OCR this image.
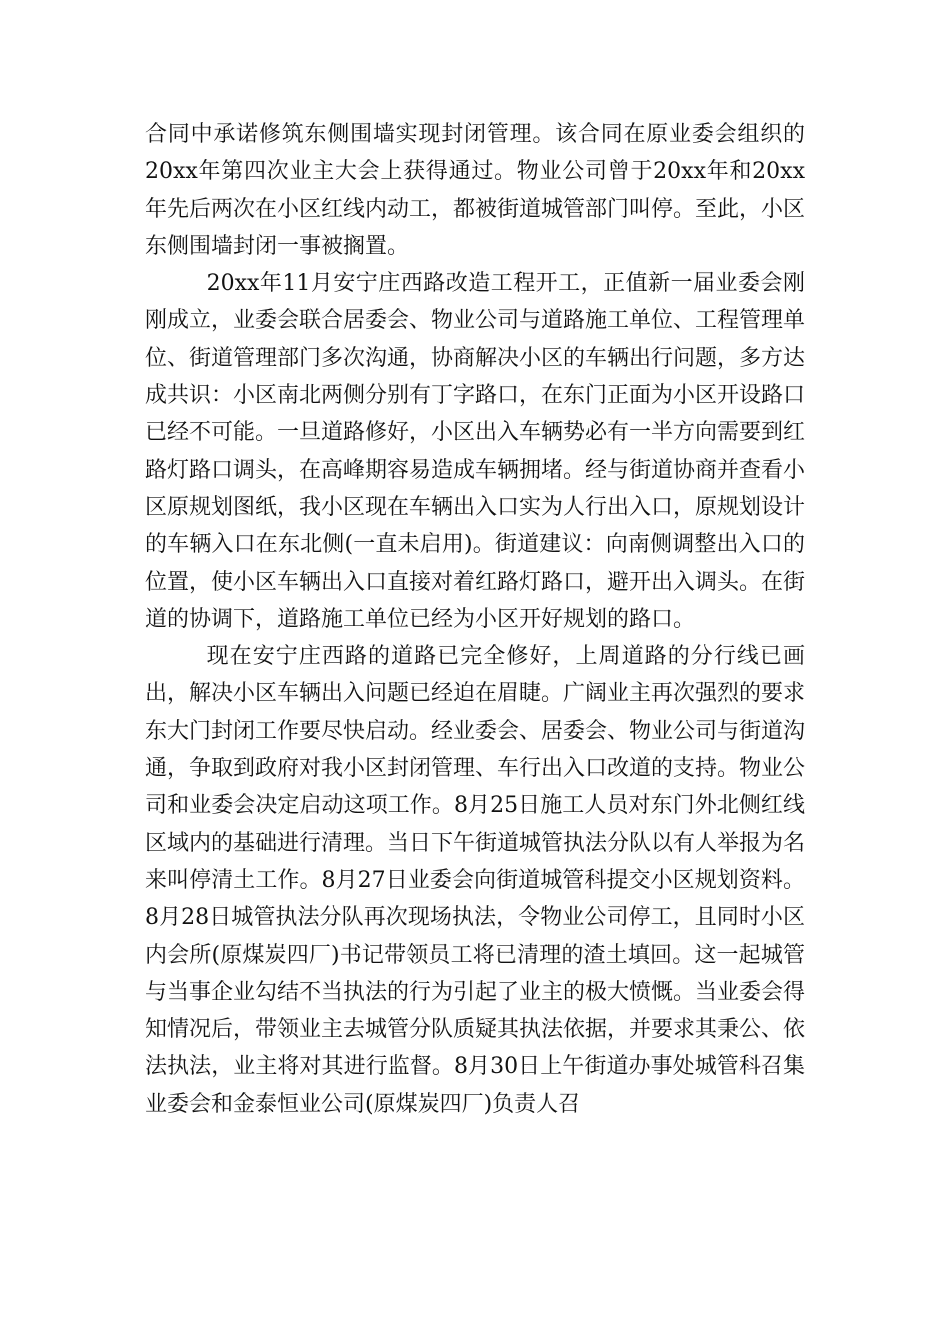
合同中承诺修筑东侧围墙实现封闭管理。该合同在原业委会组织的20xx年第四次业主大会上获得通过。物业公司曾于20xx年和20xx年先后两次在小区红线内动工，都被街道城管部门叫停。至此，小区东侧围墙封闭一事被搁置。

20xx年11月安宁庄西路改造工程开工，正值新一届业委会刚刚成立，业委会联合居委会、物业公司与道路施工单位、工程管理单位、街道管理部门多次沟通，协商解决小区的车辆出行问题，多方达成共识：小区南北两侧分别有丁字路口，在东门正面为小区开设路口已经不可能。一旦道路修好，小区出入车辆势必有一半方向需要到红路灯路口调头，在高峰期容易造成车辆拥堵。经与街道协商并查看小区原规划图纸，我小区现在车辆出入口实为人行出入口，原规划设计的车辆入口在东北侧(一直未启用)。街道建议：向南侧调整出入口的位置，使小区车辆出入口直接对着红路灯路口，避开出入调头。在街道的协调下，道路施工单位已经为小区开好规划的路口。

现在安宁庄西路的道路已完全修好，上周道路的分行线已画出，解决小区车辆出入问题已经迫在眉睫。广阔业主再次强烈的要求东大门封闭工作要尽快启动。经业委会、居委会、物业公司与街道沟通，争取到政府对我小区封闭管理、车行出入口改道的支持。物业公司和业委会决定启动这项工作。8月25日施工人员对东门外北侧红线区域内的基础进行清理。当日下午街道城管执法分队以有人举报为名来叫停清土工作。8月27日业委会向街道城管科提交小区规划资料。8月28日城管执法分队再次现场执法，令物业公司停工，且同时小区内会所(原煤炭四厂)书记带领员工将已清理的渣土填回。这一起城管与当事企业勾结不当执法的行为引起了业主的极大愤慨。当业委会得知情况后，带领业主去城管分队质疑其执法依据，并要求其秉公、依法执法，业主将对其进行监督。8月30日上午街道办事处城管科召集业委会和金泰恒业公司(原煤炭四厂)负责人召
